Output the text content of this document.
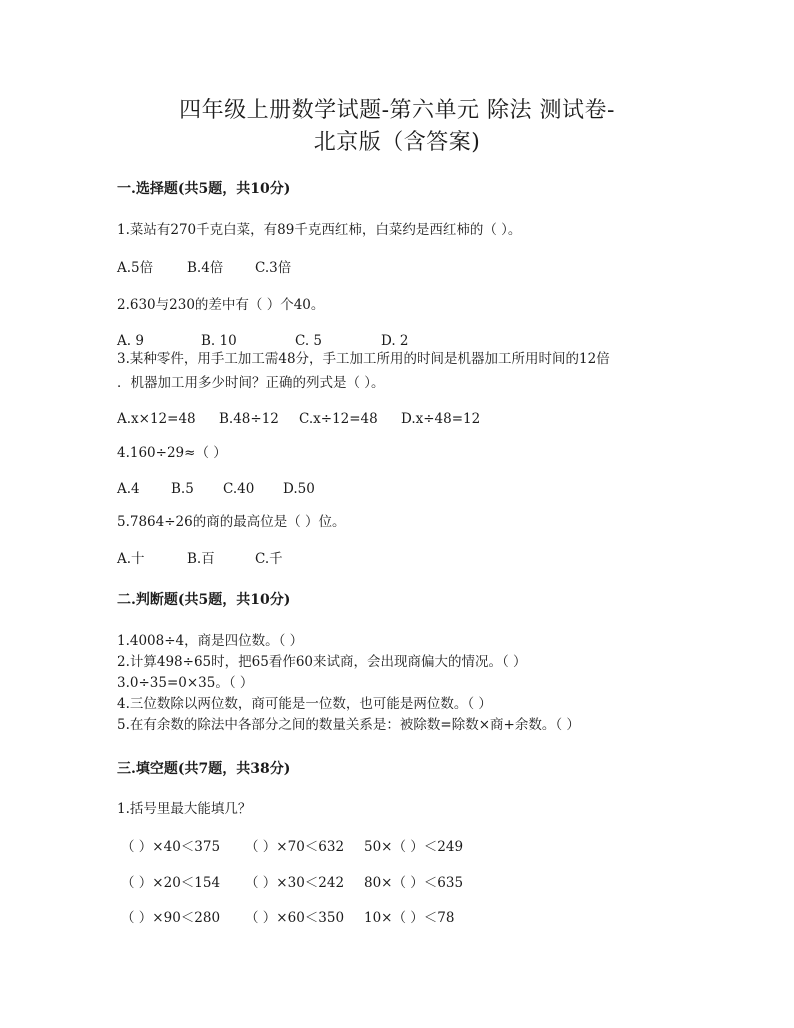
四年级上册数学试题-第六单元 除法 测试卷-
北京版（含答案)
一.选择题(共5题，共10分)
1.菜站有270千克白菜，有89千克西红柿，白菜约是西红柿的（ ）。
A.5倍	B.4倍 C.3倍
2.630与230的差中有（ ）个40。
A. 9	B. 10	C. 5	D. 2
3.某种零件，用手工加工需48分，手工加工所用的时间是机器加工所用时间的12倍
．机器加工用多少时间？正确的列式是（ ）。
A.x×12=48 B.48÷12 C.x÷12=48 D.x÷48=12
4.160÷29≈（ ）
A.4 B.5 C.40 D.50
5.7864÷26的商的最高位是（ ）位。
A.十	B.百	C.千
二.判断题(共5题，共10分)
1.4008÷4，商是四位数。（ ）
2.计算498÷65时，把65看作60来试商，会出现商偏大的情况。（ ）
3.0÷35=0×35。（ ）
4.三位数除以两位数，商可能是一位数，也可能是两位数。（ ）
5.在有余数的除法中各部分之间的数量关系是：被除数=除数×商+余数。（ ）
三.填空题(共7题，共38分)
1.括号里最大能填几？
（ ）×40＜375 （ ）×70＜632 50×（ ）＜249
（ ）×20＜154 （ ）×30＜242 80×（ ）＜635
（ ）×90＜280 （ ）×60＜350 10×（ ）＜78
